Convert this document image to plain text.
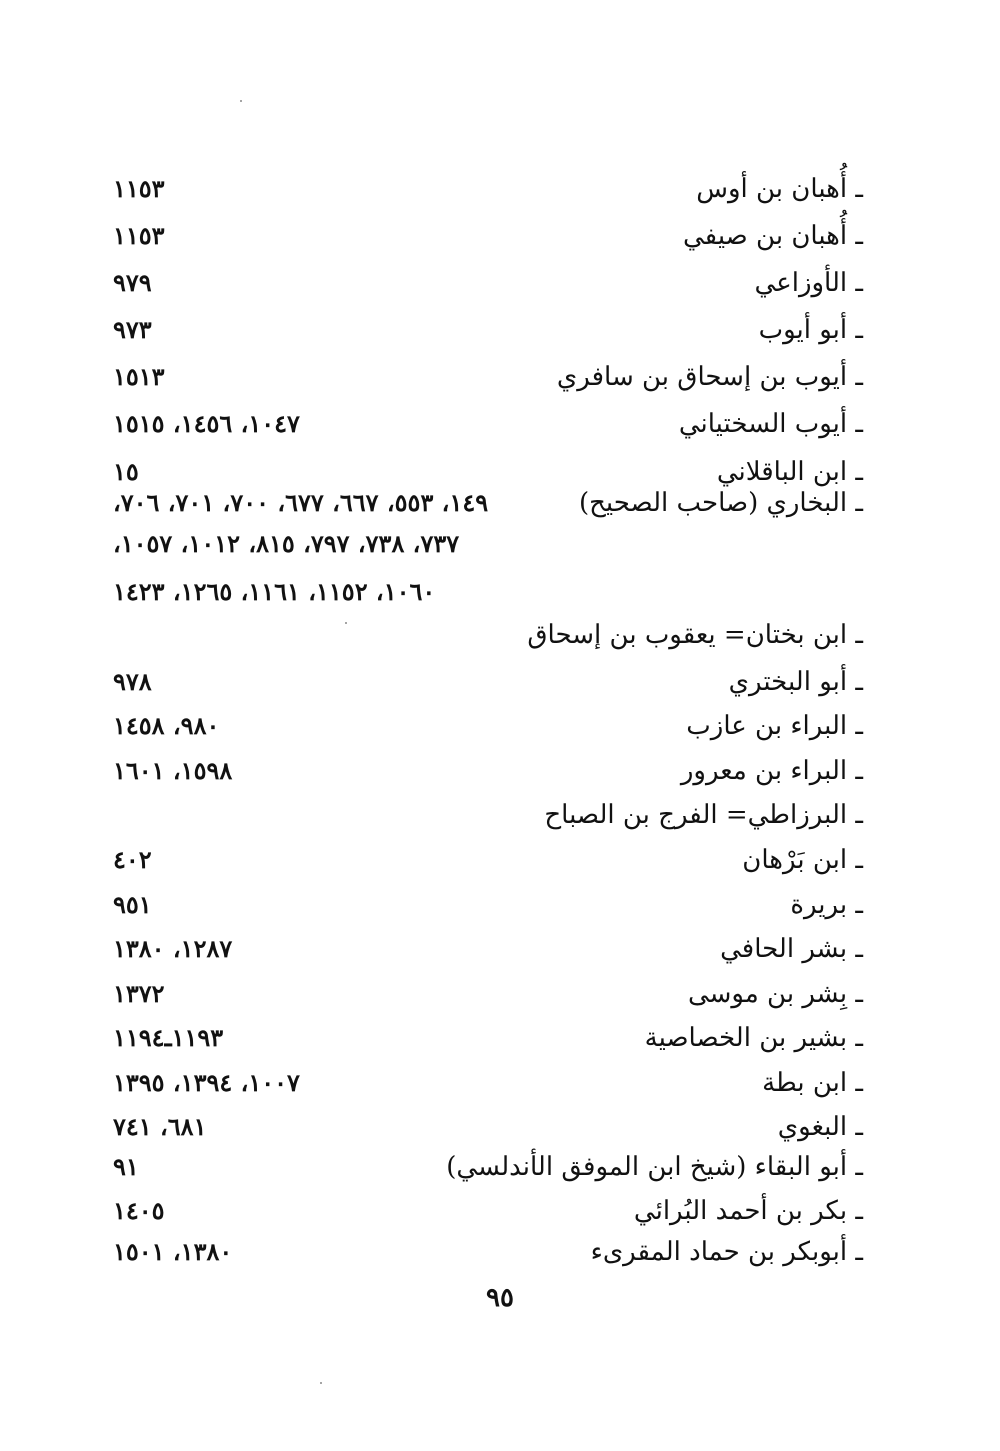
ـ أُهبان بن أوس
١١٥٣
ـ أُهبان بن صيفي
١١٥٣
ـ الأوزاعي
٩٧٩
ـ أبو أيوب
٩٧٣
ـ أيوب بن إسحاق بن سافري
١٥١٣
ـ أيوب السختياني
١٠٤٧، ١٤٥٦، ١٥١٥
ـ ابن الباقلاني
١٥
ـ البخاري (صاحب الصحيح)
١٤٩، ٥٥٣، ٦٦٧، ٦٧٧، ٧٠٠، ٧٠١، ٧٠٦،
٧٣٧، ٧٣٨، ٧٩٧، ٨١٥، ١٠١٢، ١٠٥٧،
١٠٦٠، ١١٥٢، ١١٦١، ١٢٦٥، ١٤٢٣
ـ ابن بختان= يعقوب بن إسحاق
ـ أبو البختري
٩٧٨
ـ البراء بن عازب
٩٨٠، ١٤٥٨
ـ البراء بن معرور
١٥٩٨، ١٦٠١
ـ البرزاطي= الفرج بن الصباح
ـ ابن بَرْهان
٤٠٢
ـ بريرة
٩٥١
ـ بشر الحافي
١٢٨٧، ١٣٨٠
ـ بِشر بن موسى
١٣٧٢
ـ بشير بن الخصاصية
١١٩٣ـ١١٩٤
ـ ابن بطة
١٠٠٧، ١٣٩٤، ١٣٩٥
ـ البغوي
٦٨١، ٧٤١
ـ أبو البقاء (شيخ ابن الموفق الأندلسي)
٩١
ـ بكر بن أحمد البُرائي
١٤٠٥
ـ أبوبكر بن حماد المقرىء
١٣٨٠، ١٥٠١
٩٥
